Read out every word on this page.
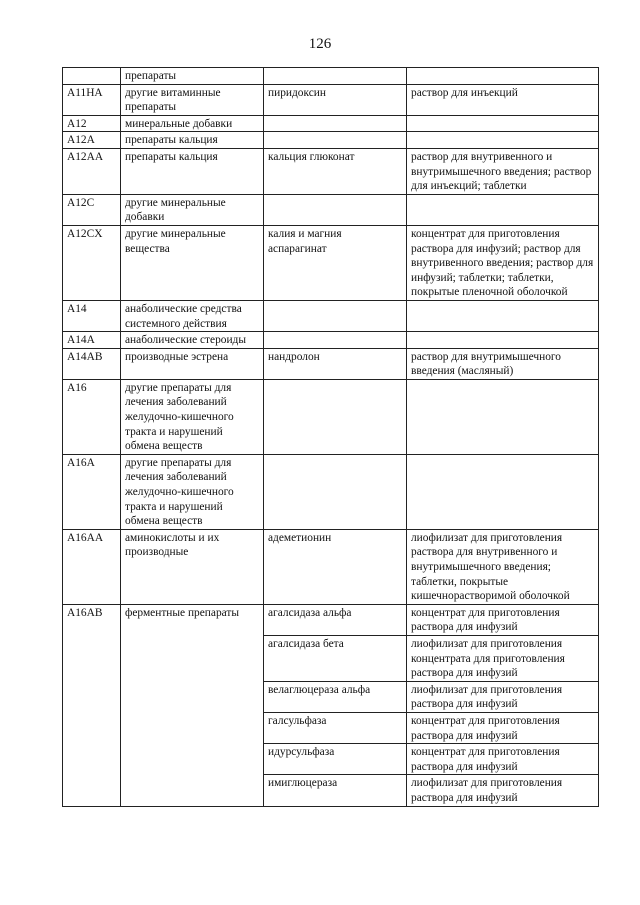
126
	препараты		
A11HA	другие витаминные препараты	пиридоксин	раствор для инъекций
A12	минеральные добавки		
A12A	препараты кальция		
A12AA	препараты кальция	кальция глюконат	раствор для внутривенного и внутримышечного введения; раствор для инъекций; таблетки
A12C	другие минеральные добавки		
A12CX	другие минеральные вещества	калия и магния аспарагинат	концентрат для приготовления раствора для инфузий; раствор для внутривенного введения; раствор для инфузий; таблетки; таблетки, покрытые пленочной оболочкой
A14	анаболические средства системного действия		
A14A	анаболические стероиды		
A14AB	производные эстрена	нандролон	раствор для внутримышечного введения (масляный)
A16	другие препараты для лечения заболеваний желудочно-кишечного тракта и нарушений обмена веществ		
A16A	другие препараты для лечения заболеваний желудочно-кишечного тракта и нарушений обмена веществ		
A16AA	аминокислоты и их производные	адеметионин	лиофилизат для приготовления раствора для внутривенного и внутримышечного введения; таблетки, покрытые кишечнорастворимой оболочкой
A16AB	ферментные препараты	агалсидаза альфа	концентрат для приготовления раствора для инфузий
		агалсидаза бета	лиофилизат для приготовления концентрата для приготовления раствора для инфузий
		велаглюцераза альфа	лиофилизат для приготовления раствора для инфузий
		галсульфаза	концентрат для приготовления раствора для инфузий
		идурсульфаза	концентрат для приготовления раствора для инфузий
		имиглюцераза	лиофилизат для приготовления раствора для инфузий
